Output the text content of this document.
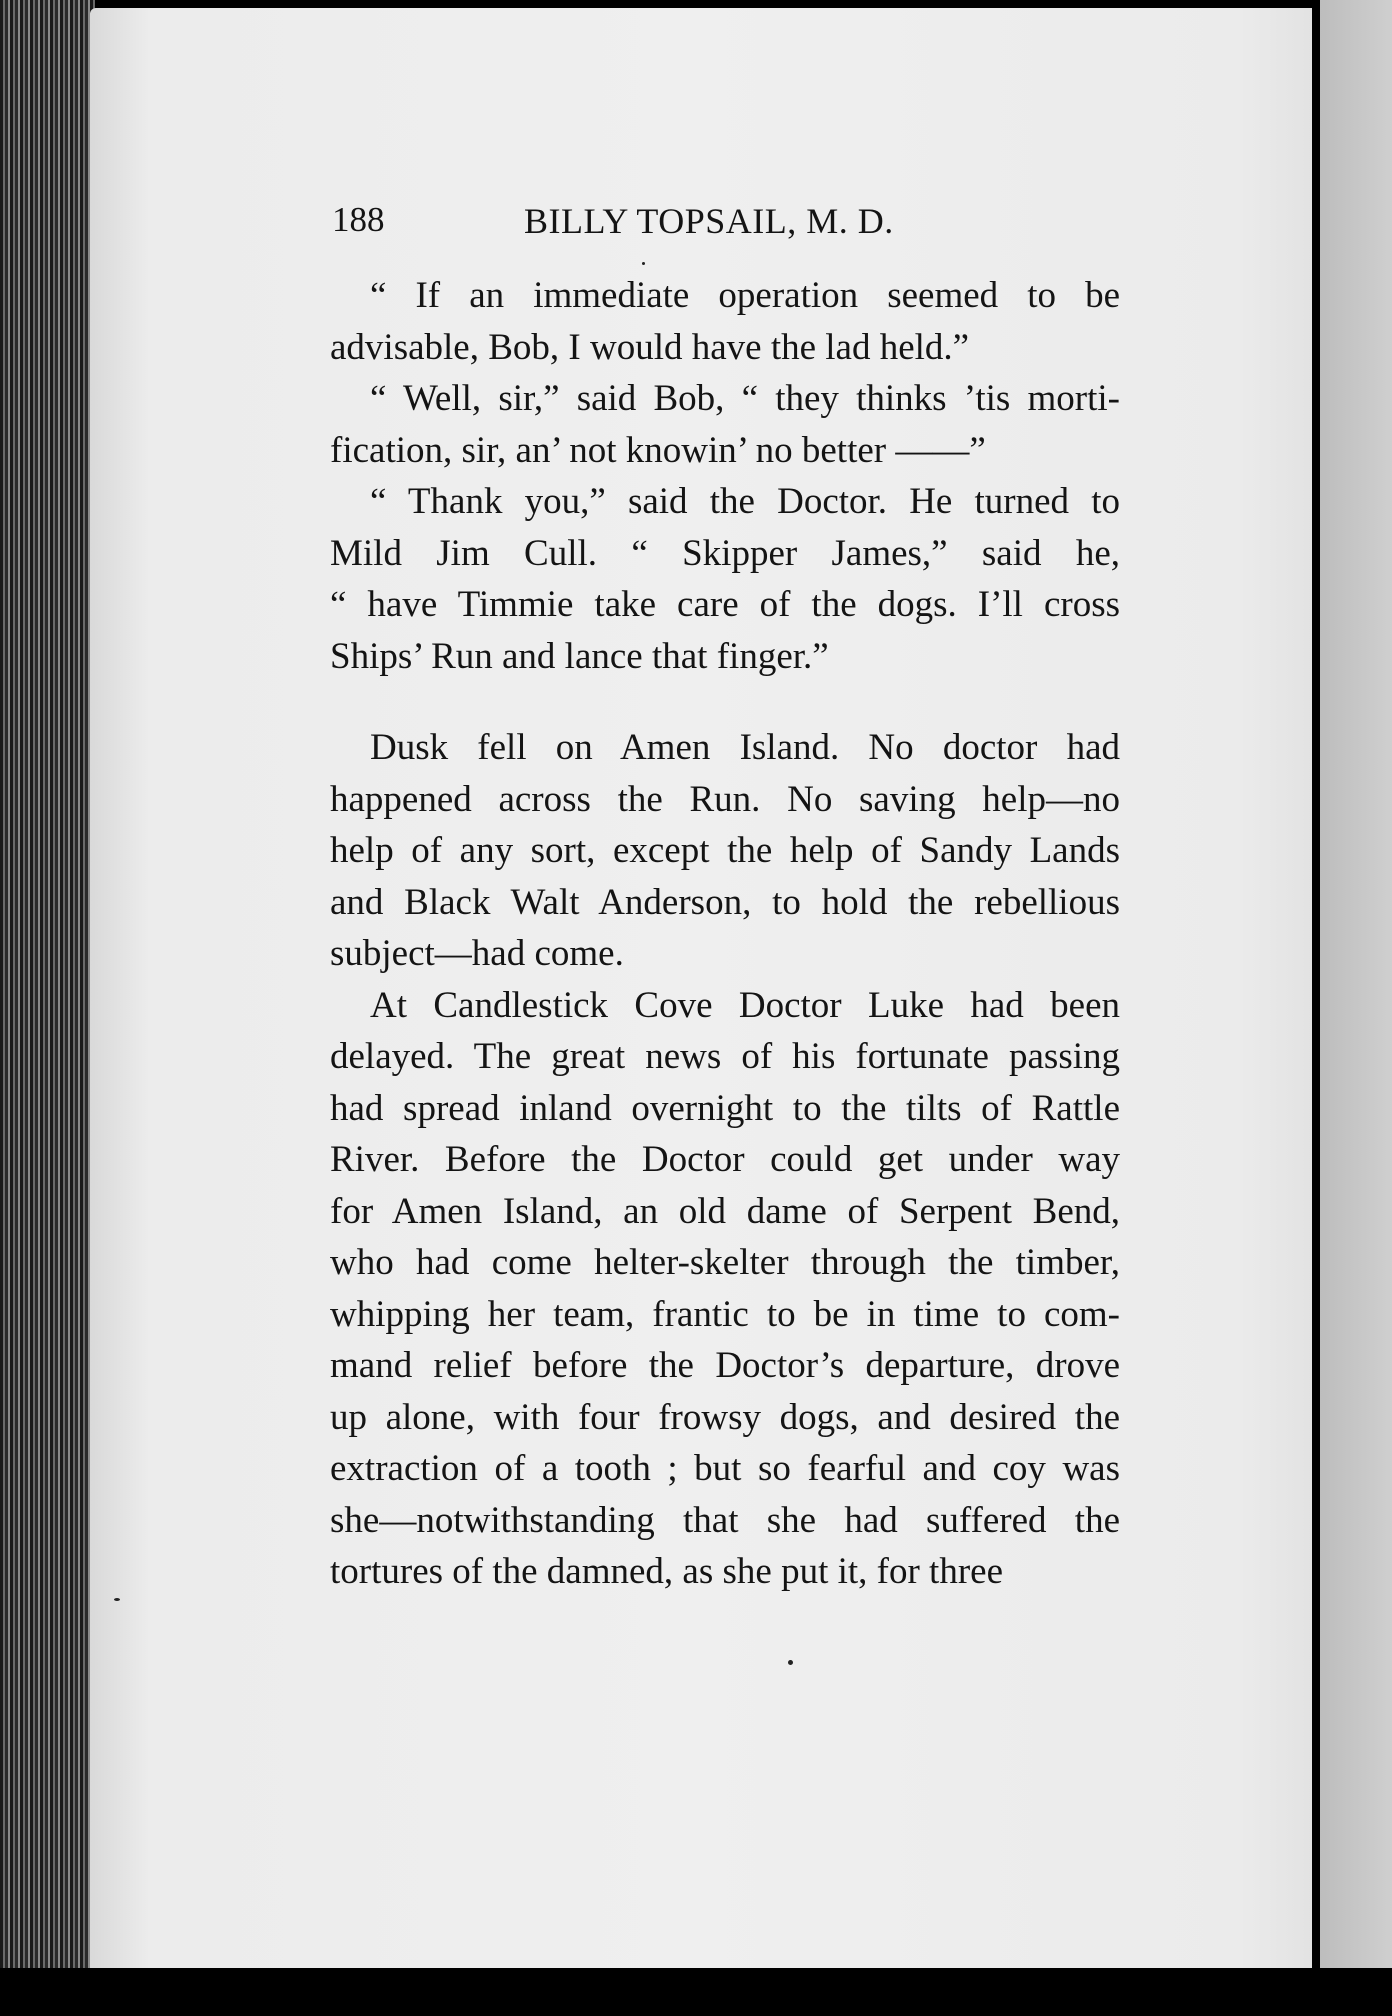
188	BILLY TOPSAIL, M. D.
“ If an immediate operation seemed to be
advisable, Bob, I would have the lad held.”
“ Well, sir,” said Bob, “ they thinks ’tis morti-
fication, sir, an’ not knowin’ no better ——”
“ Thank you,” said the Doctor. He turned to
Mild Jim Cull. “ Skipper James,” said he,
“ have Timmie take care of the dogs. I’ll cross
Ships’ Run and lance that finger.”
Dusk fell on Amen Island. No doctor had
happened across the Run. No saving help—no
help of any sort, except the help of Sandy Lands
and Black Walt Anderson, to hold the rebellious
subject—had come.
At Candlestick Cove Doctor Luke had been
delayed. The great news of his fortunate passing
had spread inland overnight to the tilts of Rattle
River. Before the Doctor could get under way
for Amen Island, an old dame of Serpent Bend,
who had come helter-skelter through the timber,
whipping her team, frantic to be in time to com-
mand relief before the Doctor’s departure, drove
up alone, with four frowsy dogs, and desired the
extraction of a tooth ; but so fearful and coy was
she—notwithstanding that she had suffered the
tortures of the damned, as she put it, for three
